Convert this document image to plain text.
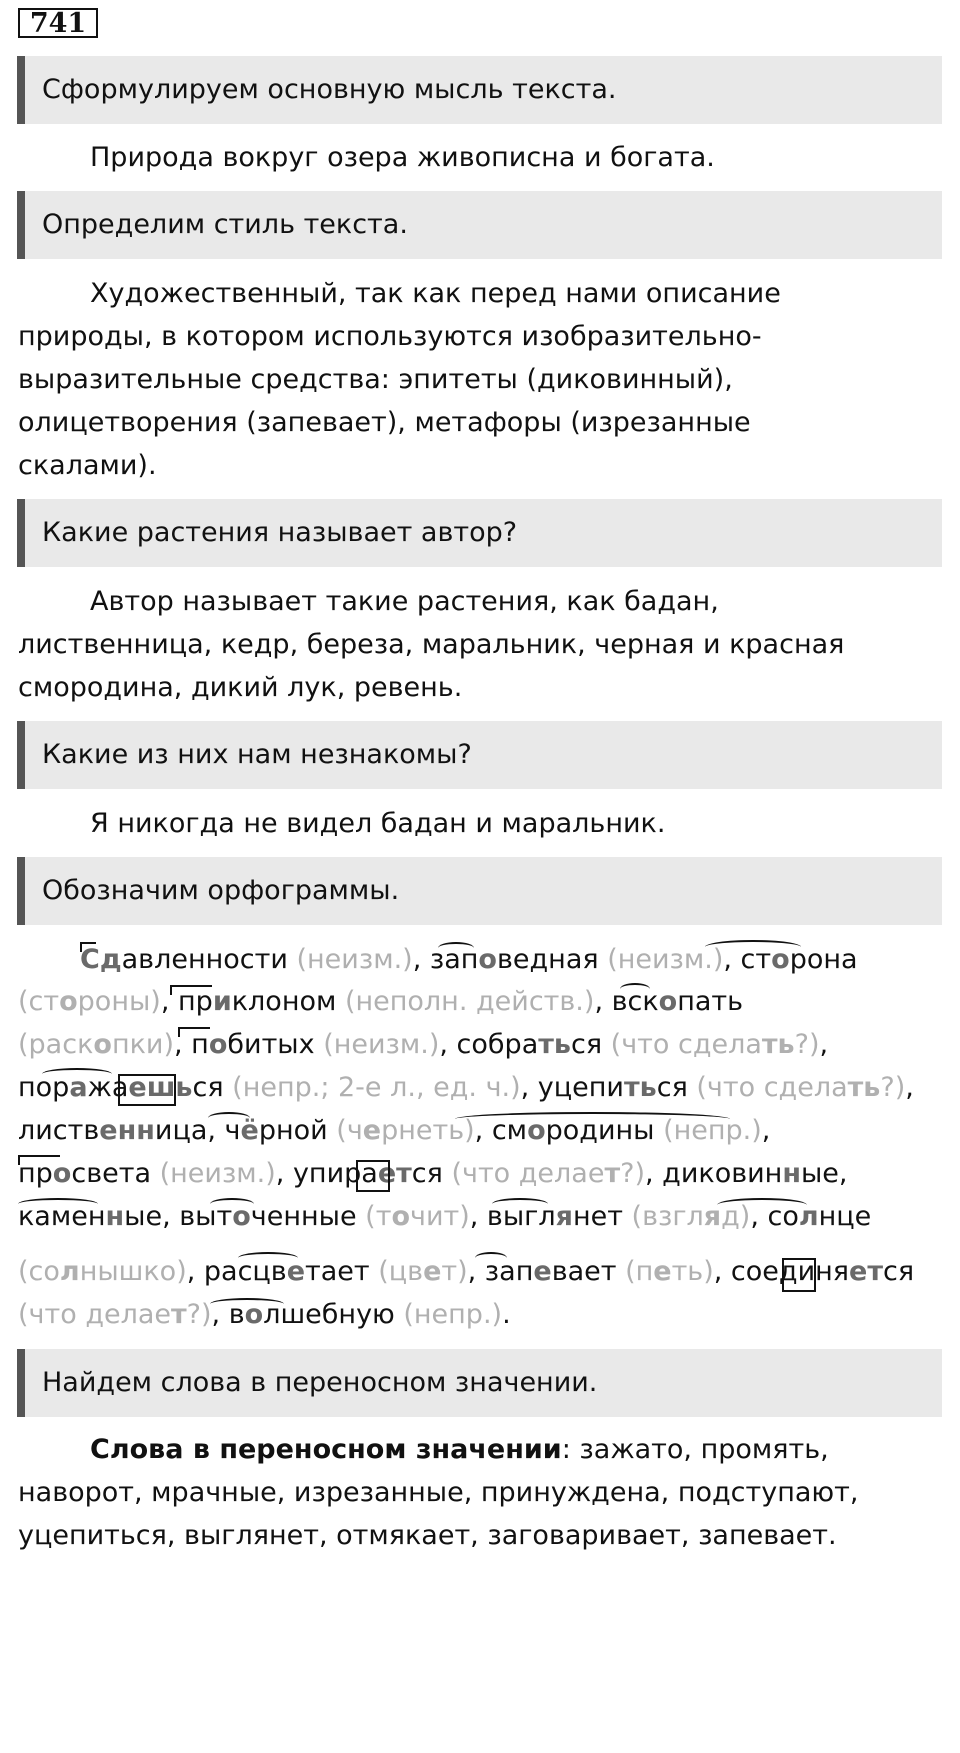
741
Сформулируем основную мысль текста.
Природа вокруг озера живописна и богата.
Определим стиль текста.
Художественный, так как перед нами описание
природы, в котором используются изобразительно-
выразительные средства: эпитеты (диковинный),
олицетворения (запевает), метафоры (изрезанные
скалами).
Какие растения называет автор?
Автор называет такие растения, как бадан,
лиственница, кедр, береза, маральник, черная и красная
смородина, дикий лук, ревень.
Какие из них нам незнакомы?
Я никогда не видел бадан и маральник.
Обозначим орфограммы.
Сдавленности (неизм.), заповедная (неизм.), сторона
(стороны), приклоном (неполн. действ.), вскопать
(раскопки), побитых (неизм.), собраться (что сделать?),
поражаешься (непр.; 2-е л., ед. ч.), уцепиться (что сделать?),
лиственница, чёрной (чернеть), смородины (непр.),
просвета (неизм.), упирается (что делает?), диковинные,
каменные, выточенные (точит), выглянет (взгляд), солнце
(солнышко), расцветает (цвет), запевает (петь), соединяется
(что делает?), волшебную (непр.).
Найдем слова в переносном значении.
Слова в переносном значении: зажато, промять,
наворот, мрачные, изрезанные, принуждена, подступают,
уцепиться, выглянет, отмякает, заговаривает, запевает.
